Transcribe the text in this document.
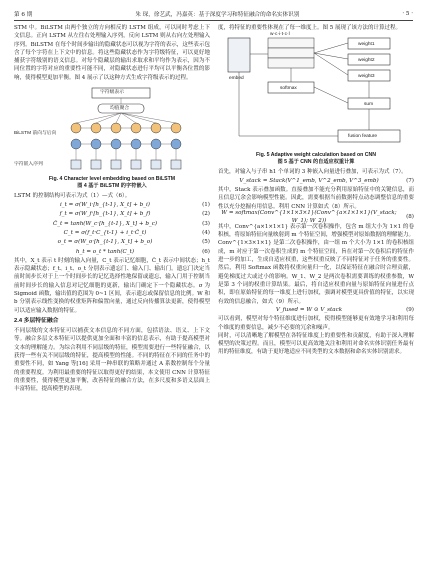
第 6 期	朱 琛，徐艺武，冯嘉英：基于深度学习和特征融合的命名实体识别	· 5 ·

STM 中。BiLSTM 由两个独立的方向相反的 LSTM 组成，可以同时考虑上下文信息。正向 LSTM 从左往右处理输入序列，反向 LSTM 则从右向左处理输入序列。BiLSTM 在每个时间步输出的隐藏状态可以视为字符的表示，这些表示包含了每个字符在上下文中的信息。将这些隐藏状态作为字符级特征，可以更好地捕获字符级别的语义信息。对每个隐藏层的输出求取求和平均作为表示，因为不同位置的字符对应的重要性可能不同，对隐藏状态进行平均可以平衡各位置的影响，使得模型更加平衡。图 4 展示了以这种方式生成字符级表示的过程。

字符级表示
均值聚合
BiLSTM 前向与后向
字符嵌入序列
Fig. 4 Character level embedding based on BiLSTM
图 4 基于 BiLSTM 的字符嵌入

LSTM 的控制结构可表示为式（1）—式（6）。

i_t = σ(W_i·[h_{t-1}, X_t] + b_i)	(1)
f_t = σ(W_f·[h_{t-1}, X_t] + b_f)	(2)
C̃_t = tanh(W_c·[h_{t-1}, X_t] + b_c)	(3)
C_t = σ(f_t·C_{t-1} + i_t·C̃_t)	(4)
o_t = σ(W_o·[h_{t-1}, X_t] + b_o)	(5)
h_t = o_t * tanh(C_t)	(6)

其中，X_t 表示 t 时刻的输入向量，C_t 表示记忆细胞，C̃_t 表示中间状态；h_t 表示隐藏状态；f_t、i_t、o_t 分别表示遗忘门、输入门、输出门。遗忘门决定当前时间步长对于上一个时间步长的记忆选择性地保留或遗忘，输入门用于控制当前时间步长的输入信息对记忆细胞的更新，输出门确定下一个隐藏状态。σ 为 Sigmoid 函数，输出值的范围为 0~1 区间，表示遗忘或保留信息的比例。W 和 b 分别表示线性变换的权重矩阵和偏置向量，通过反向传播算法更新，使得模型可以适应输入数据的特征。

2.4 多层特征融合

不同层级的文本特征可以捕获文本信息的不同方面，包括语法、语义、上下文等。融合多层文本特征可以提供更加全面和丰富的信息表示，有助于提高模型对文本的理解能力。为综合利用不同层级的特征，模型需要进行一些特征融合，以获得一些有关不同层级的特征，提高模型的性能。不同的特征在不同的任务中的重要性不同，如 Yang 等[16] 采用一种串联的策略并通过 A 系数控制每个分量的重要程度。为利用最重要的特征以取得更好的结果，本文使用 CNN 计算特征的重要性，使得模型更加平衡，改善特征的融合方法，在多尺度和多语义层面上丰富特征，提高模型的表现。

度，将特征的重要性体现在了每一维度上。图 5 展现了该方法的计算过程。

embed
w·c·i·t·c·l
weight1
weight2
weight3
softmax
sum
fusion feature
Fig. 5 Adaptive weight calculation based on CNN
图 5 基于 CNN 的自适应权重计算

首先，对输入与子串 h1 个单词的 3 种嵌入向量进行叠加，可表示为式（7）。

V_stack = Stack(V^1_emb, V^2_emb, V^3_emb)	(7)

其中，Stack 表示叠加函数。直接叠加不能充分利用原始特征中的关键信息，而且信息冗余会影响模型性能。因此，需要根据当前数据特点动态调整信息的重要性以充分挖掘有用信息。利用 CNN 计算如式（8）所示。

W = softmax(Conv^{1×1×3×1}(Conv^{a×1×1×1}(V_stack; W_1); W_2))
(8)

其中，Conv^{a×1×1×1} 表示第一次卷积操作，包含 m 组大小为 1×1 的卷积核，将原始特征向量映射到 m 个特征空间，增强模型对原始数据的理解能力。Conv^{1×3×1×1} 是第二次卷积操作，由一组 m 个大小为 1×1 的卷积核组成，m 对应于第一次卷积生成的 m 个特征空间，旨在对第一次卷积后的特征作进一步的加工，生成自适应权重，这些权重反映了不同特征对于任务的重要性。然后，利用 Softmax 函数将权重向量归一化，以保证特征在融合时合理贡献，避免梯度过大或过小的影响。W_1、W_2 是两次卷积需要训练的权重参数，W 是第 3 个词的权重计算结果。最后，将自适应权重向量与原始特征向量进行点积，即在原始特征的每一维度上进行加权，强调对模型更具价值的特征，以实现有效的信息融合，如式（9）所示。

V_fused = W ⊙ V_stack	(9)

可以看到，模型对每个特征维度进行加权，使得模型能够更有效地学习和利用每个维度的重要信息，减少不必要的冗余和噪声。

同时，可以清晰地了解模型在各特征维度上的重要性和贡献度，有助于深入理解模型的决策过程。而且，模型可以更高效地关注和利用对命名实体识别任务最有用的特征维度，有助于更好地适应不同类型的文本数据和命名实体识别需求。
